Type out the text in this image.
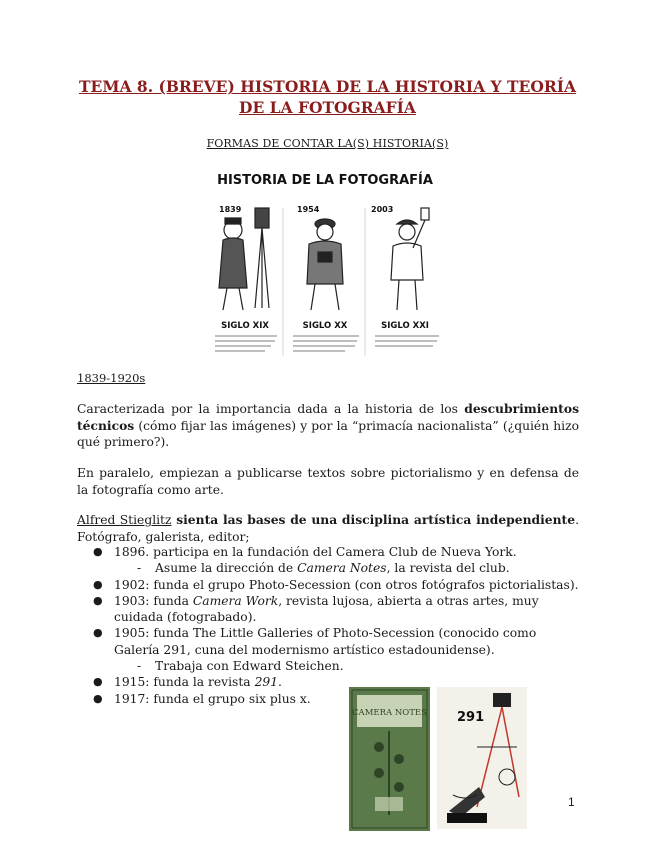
TEMA 8. (BREVE) HISTORIA DE LA HISTORIA Y TEORÍA DE LA FOTOGRAFÍA
FORMAS DE CONTAR LA(S) HISTORIA(S)
HISTORIA DE LA FOTOGRAFÍA
1839	1954	2003
SIGLO XIX	SIGLO XX	SIGLO XXI
1839-1920s
Caracterizada por la importancia dada a la historia de los descubrimientos técnicos (cómo fijar las imágenes) y por la “primacía nacionalista” (¿quién hizo qué primero?).
En paralelo, empiezan a publicarse textos sobre pictorialismo y en defensa de la fotografía como arte.
Alfred Stieglitz sienta las bases de una disciplina artística independiente. Fotógrafo, galerista, editor;
● 1896. participa en la fundación del Camera Club de Nueva York.
- Asume la dirección de Camera Notes, la revista del club.
● 1902: funda el grupo Photo-Secession (con otros fotógrafos pictorialistas).
● 1903: funda Camera Work, revista lujosa, abierta a otras artes, muy cuidada (fotograbado).
● 1905: funda The Little Galleries of Photo-Secession (conocido como Galería 291, cuna del modernismo artístico estadounidense).
- Trabaja con Edward Steichen.
● 1915: funda la revista 291.
● 1917: funda el grupo six plus x.
CAMERA NOTES 291
1
